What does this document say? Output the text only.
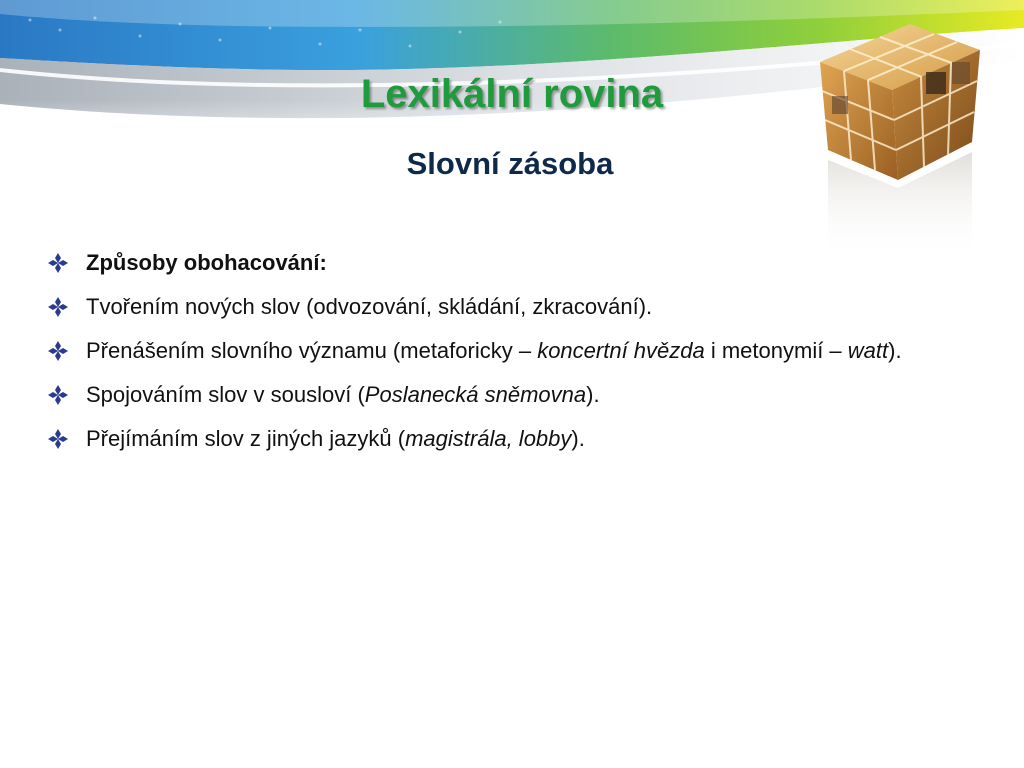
Lexikální rovina
Slovní zásoba
Způsoby obohacování:
Tvořením nových slov (odvozování, skládání, zkracování).
Přenášením slovního významu (metaforicky – koncertní hvězda i metonymií – watt).
Spojováním slov v sousloví (Poslanecká sněmovna).
Přejímáním slov z jiných jazyků (magistrála, lobby).
